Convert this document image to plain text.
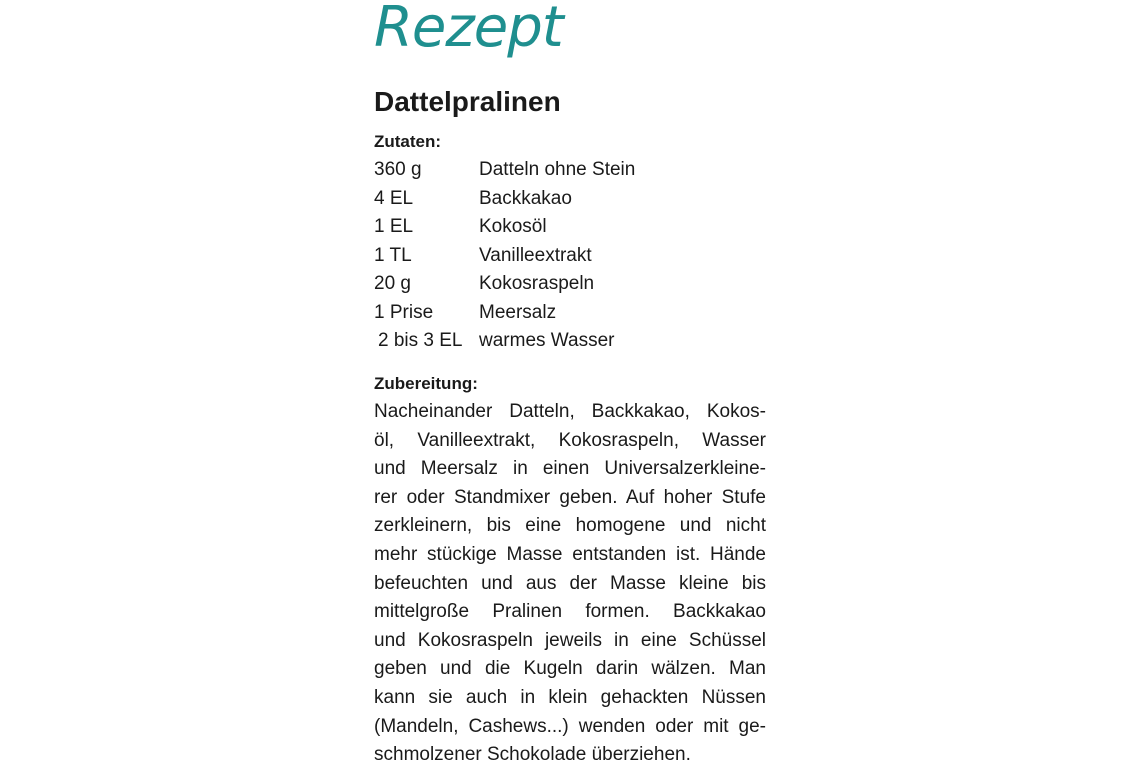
Rezept
Dattelpralinen
Zutaten:
360 g	Datteln ohne Stein
4 EL	Backkakao
1 EL	Kokosöl
1 TL	Vanilleextrakt
20 g	Kokosraspeln
1 Prise Meersalz
2 bis 3 EL warmes Wasser
Zubereitung:
Nacheinander Datteln, Backkakao, Kokos-
öl, Vanilleextrakt, Kokosraspeln, Wasser
und Meersalz in einen Universalzerkleine-
rer oder Standmixer geben. Auf hoher Stufe
zerkleinern, bis eine homogene und nicht
mehr stückige Masse entstanden ist. Hände
befeuchten und aus der Masse kleine bis
mittelgroße Pralinen formen. Backkakao
und Kokosraspeln jeweils in eine Schüssel
geben und die Kugeln darin wälzen. Man
kann sie auch in klein gehackten Nüssen
(Mandeln, Cashews...) wenden oder mit ge-
schmolzener Schokolade überziehen.
